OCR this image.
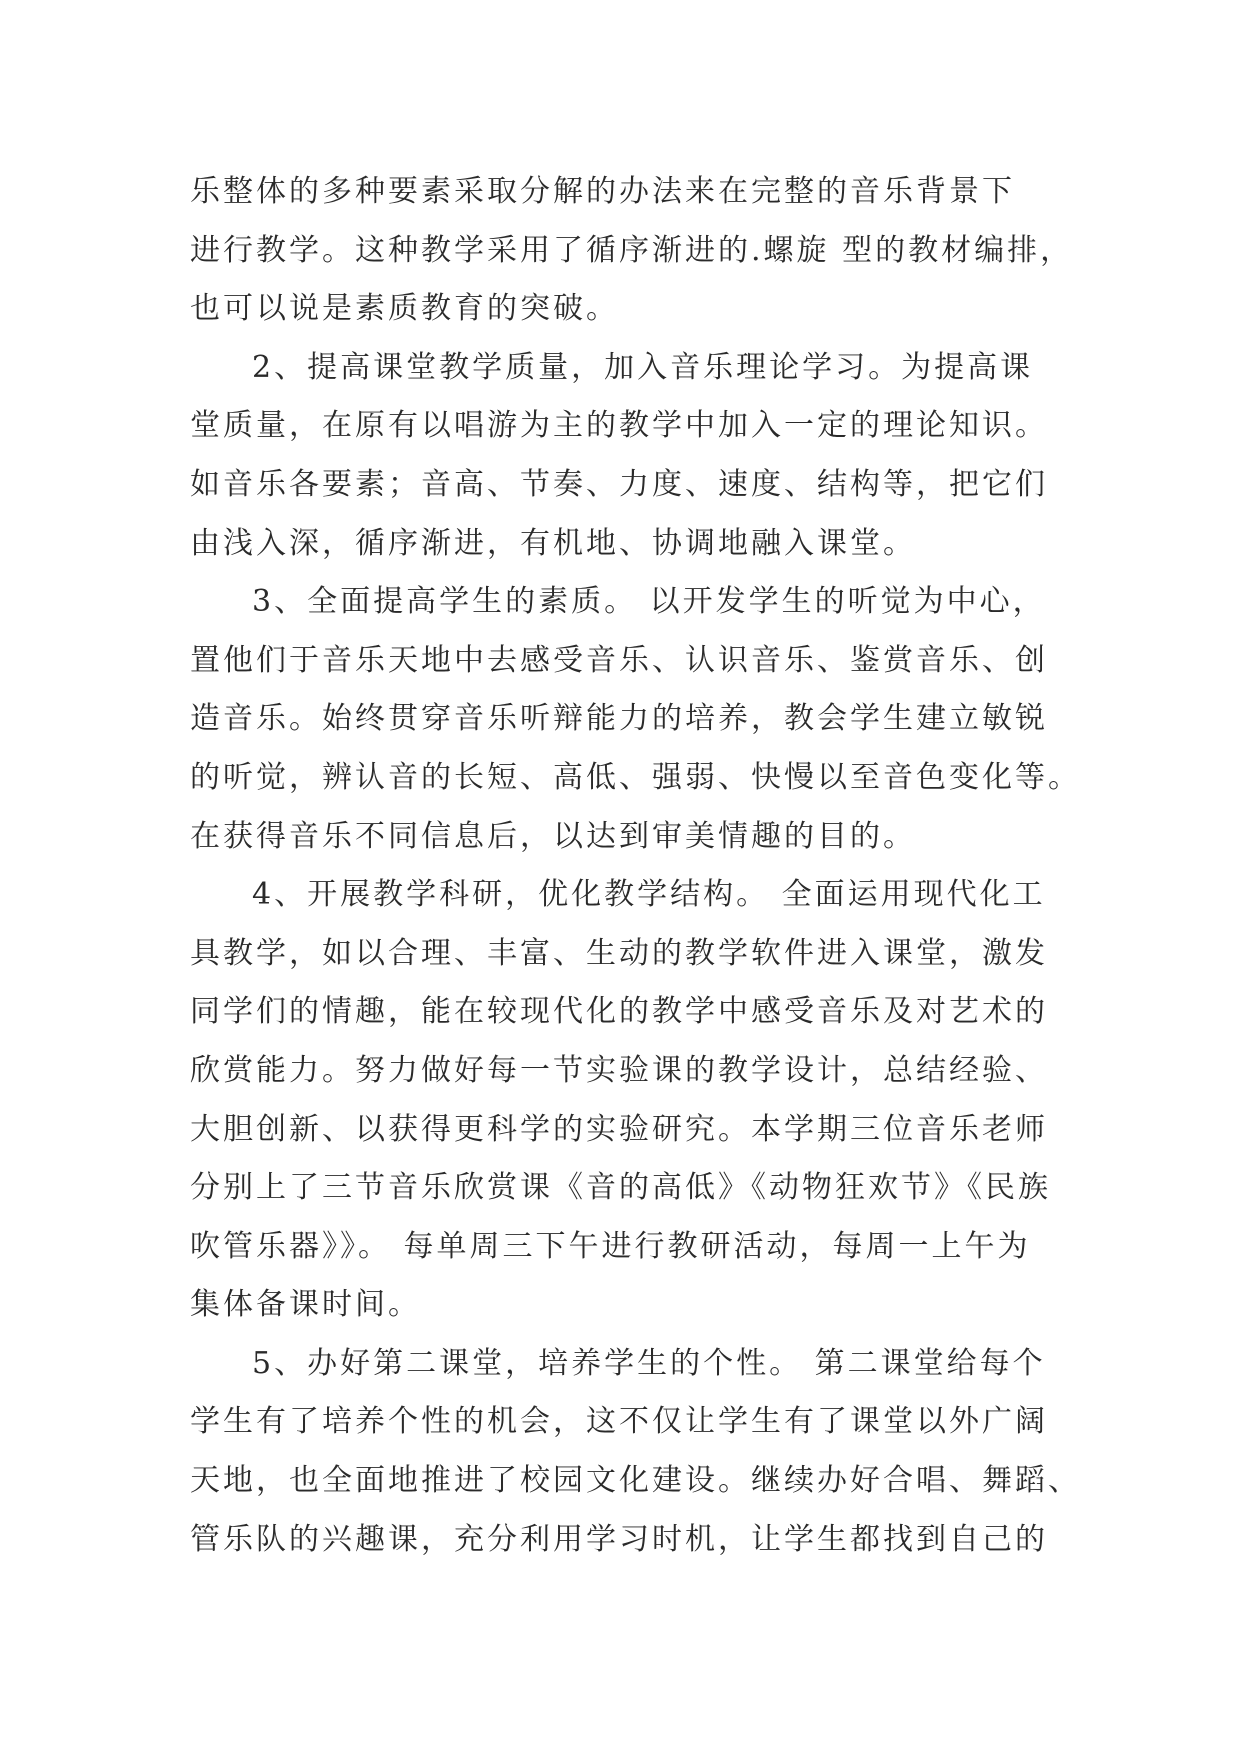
乐整体的多种要素采取分解的办法来在完整的音乐背景下
进行教学。这种教学采用了循序渐进的.螺旋 型的教材编排，
也可以说是素质教育的突破。
2、提高课堂教学质量，加入音乐理论学习。为提高课
堂质量，在原有以唱游为主的教学中加入一定的理论知识。
如音乐各要素；音高、节奏、力度、速度、结构等，把它们
由浅入深，循序渐进，有机地、协调地融入课堂。
3、全面提高学生的素质。 以开发学生的听觉为中心，
置他们于音乐天地中去感受音乐、认识音乐、鉴赏音乐、创
造音乐。始终贯穿音乐听辩能力的培养，教会学生建立敏锐
的听觉，辨认音的长短、高低、强弱、快慢以至音色变化等。
在获得音乐不同信息后，以达到审美情趣的目的。
4、开展教学科研，优化教学结构。 全面运用现代化工
具教学，如以合理、丰富、生动的教学软件进入课堂，激发
同学们的情趣，能在较现代化的教学中感受音乐及对艺术的
欣赏能力。努力做好每一节实验课的教学设计，总结经验、
大胆创新、以获得更科学的实验研究。本学期三位音乐老师
分别上了三节音乐欣赏课《音的高低》《动物狂欢节》《民族
吹管乐器》》。 每单周三下午进行教研活动，每周一上午为
集体备课时间。
5、办好第二课堂，培养学生的个性。 第二课堂给每个
学生有了培养个性的机会，这不仅让学生有了课堂以外广阔
天地，也全面地推进了校园文化建设。继续办好合唱、舞蹈、
管乐队的兴趣课，充分利用学习时机，让学生都找到自己的
